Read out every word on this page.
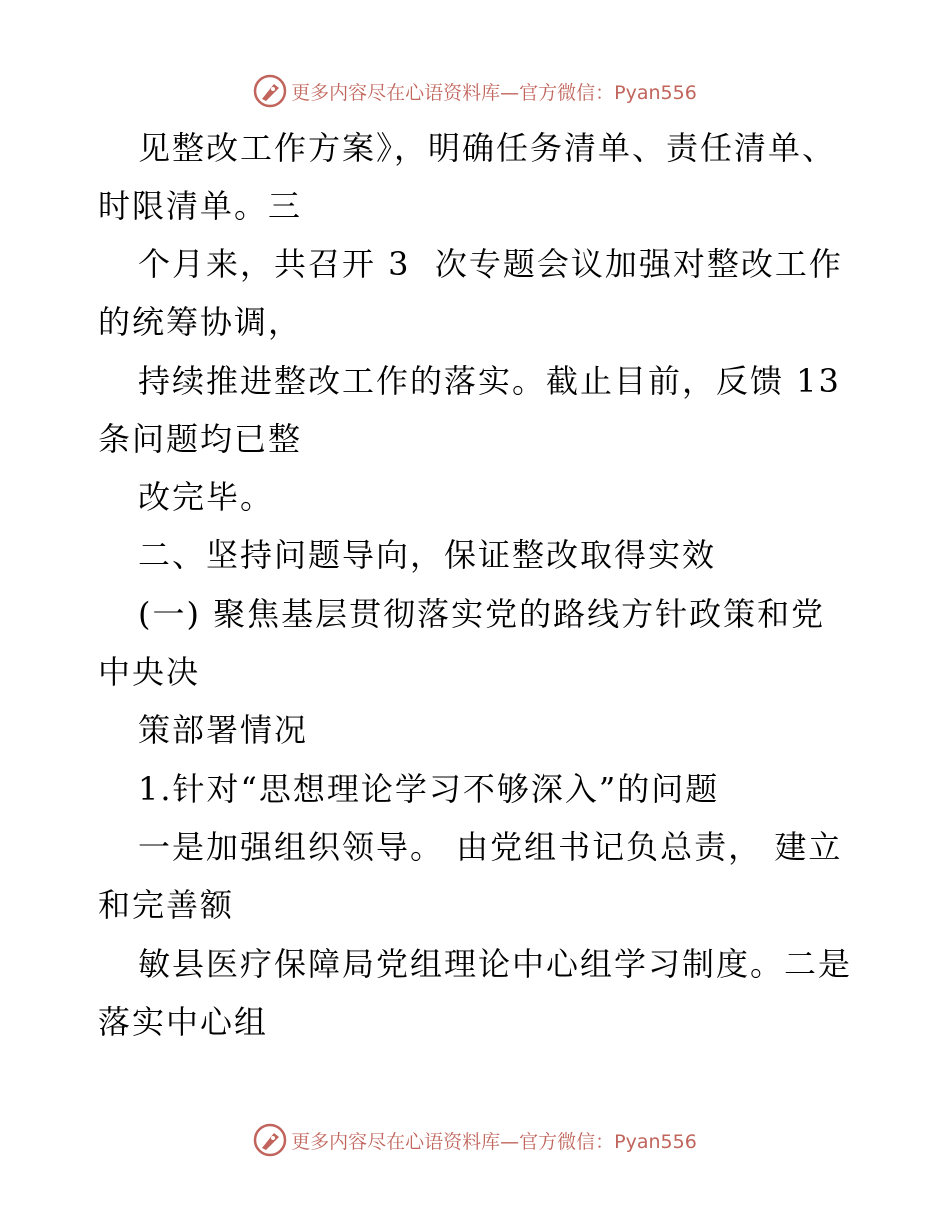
更多内容尽在心语资料库—官方微信：Pyan556
见整改工作方案》，明确任务清单、责任清单、
时限清单。三
个月来，共召开 3  次专题会议加强对整改工作
的统筹协调，
持续推进整改工作的落实。截止目前，反馈 13
条问题均已整
改完毕。
二、坚持问题导向，保证整改取得实效
(一) 聚焦基层贯彻落实党的路线方针政策和党
中央决
策部署情况
1.针对“思想理论学习不够深入”的问题
一是加强组织领导。 由党组书记负总责， 建立
和完善额
敏县医疗保障局党组理论中心组学习制度。二是
落实中心组
更多内容尽在心语资料库—官方微信：Pyan556
